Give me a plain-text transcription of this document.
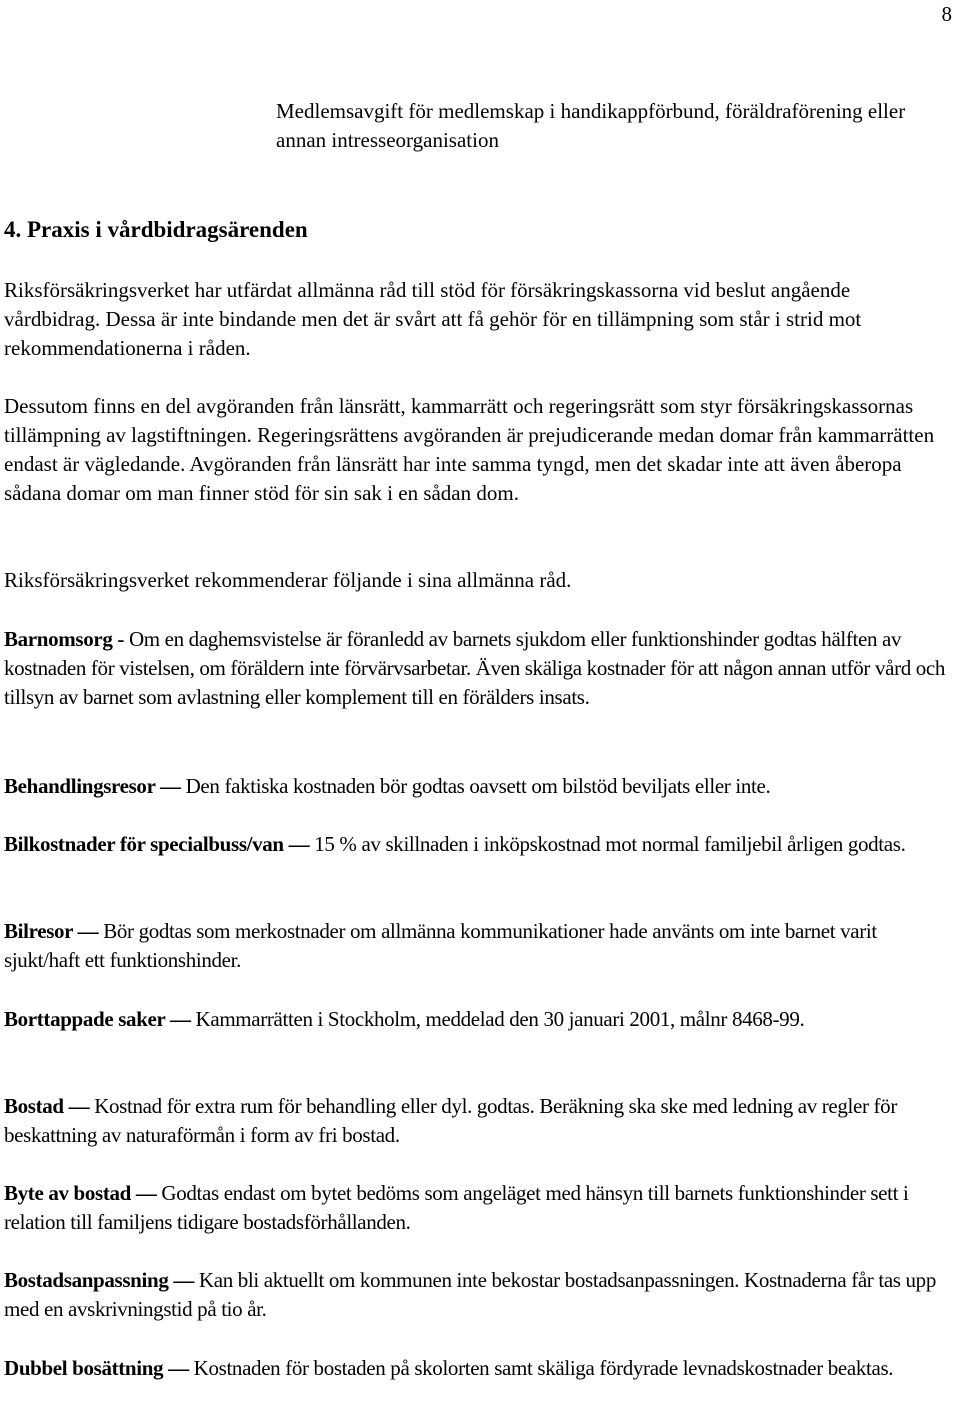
8

Medlemsavgift för medlemskap i handikappförbund, föräldraförening eller annan intresseorganisation

4. Praxis i vårdbidragsärenden

Riksförsäkringsverket har utfärdat allmänna råd till stöd för försäkringskassorna vid beslut angående vårdbidrag. Dessa är inte bindande men det är svårt att få gehör för en tillämpning som står i strid mot rekommendationerna i råden.

Dessutom finns en del avgöranden från länsrätt, kammarrätt och regeringsrätt som styr försäkringskassornas tillämpning av lagstiftningen. Regeringsrättens avgöranden är prejudicerande medan domar från kammarrätten endast är vägledande. Avgöranden från länsrätt har inte samma tyngd, men det skadar inte att även åberopa sådana domar om man finner stöd för sin sak i en sådan dom.

Riksförsäkringsverket rekommenderar följande i sina allmänna råd.

Barnomsorg - Om en daghemsvistelse är föranledd av barnets sjukdom eller funktionshinder godtas hälften av kostnaden för vistelsen, om föräldern inte förvärvsarbetar. Även skäliga kostnader för att någon annan utför vård och tillsyn av barnet som avlastning eller komplement till en förälders insats.

Behandlingsresor — Den faktiska kostnaden bör godtas oavsett om bilstöd beviljats eller inte.

Bilkostnader för specialbuss/van — 15 % av skillnaden i inköpskostnad mot normal familjebil årligen godtas.

Bilresor — Bör godtas som merkostnader om allmänna kommunikationer hade använts om inte barnet varit sjukt/haft ett funktionshinder.

Borttappade saker — Kammarrätten i Stockholm, meddelad den 30 januari 2001, målnr 8468-99.

Bostad — Kostnad för extra rum för behandling eller dyl. godtas. Beräkning ska ske med ledning av regler för beskattning av naturaförmån i form av fri bostad.

Byte av bostad — Godtas endast om bytet bedöms som angeläget med hänsyn till barnets funktionshinder sett i relation till familjens tidigare bostadsförhållanden.

Bostadsanpassning — Kan bli aktuellt om kommunen inte bekostar bostadsanpassningen. Kostnaderna får tas upp med en avskrivningstid på tio år.

Dubbel bosättning — Kostnaden för bostaden på skolorten samt skäliga fördyrade levnadskostnader beaktas.
